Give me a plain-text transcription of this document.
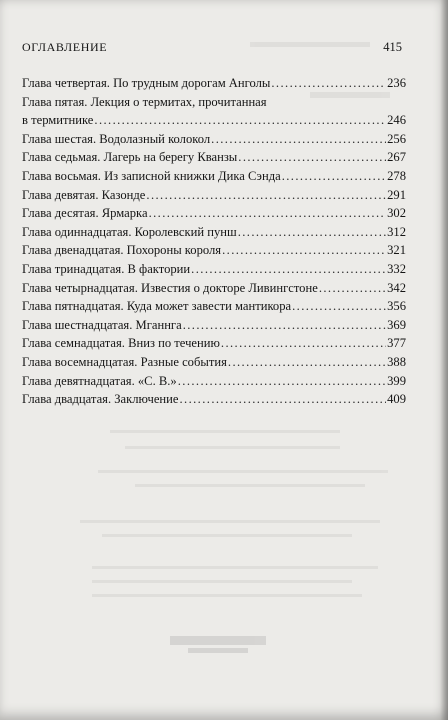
ОГЛАВЛЕНИЕ	415
Глава четвертая. По трудным дорогам Анголы .....	236
Глава пятая. Лекция о термитах, прочитанная
в термитнике .....	246
Глава шестая. Водолазный колокол .....	256
Глава седьмая. Лагерь на берегу Кванзы .....	267
Глава восьмая. Из записной книжки Дика Сэнда .....	278
Глава девятая. Казонде .....	291
Глава десятая. Ярмарка .....	302
Глава одиннадцатая. Королевский пунш .....	312
Глава двенадцатая. Похороны короля .....	321
Глава тринадцатая. В фактории .....	332
Глава четырнадцатая. Известия о докторе Ливингстоне .....	342
Глава пятнадцатая. Куда может завести мантикора .....	356
Глава шестнадцатая. Мганнга .....	369
Глава семнадцатая. Вниз по течению .....	377
Глава восемнадцатая. Разные события .....	388
Глава девятнадцатая. «С. В.» .....	399
Глава двадцатая. Заключение .....	409
